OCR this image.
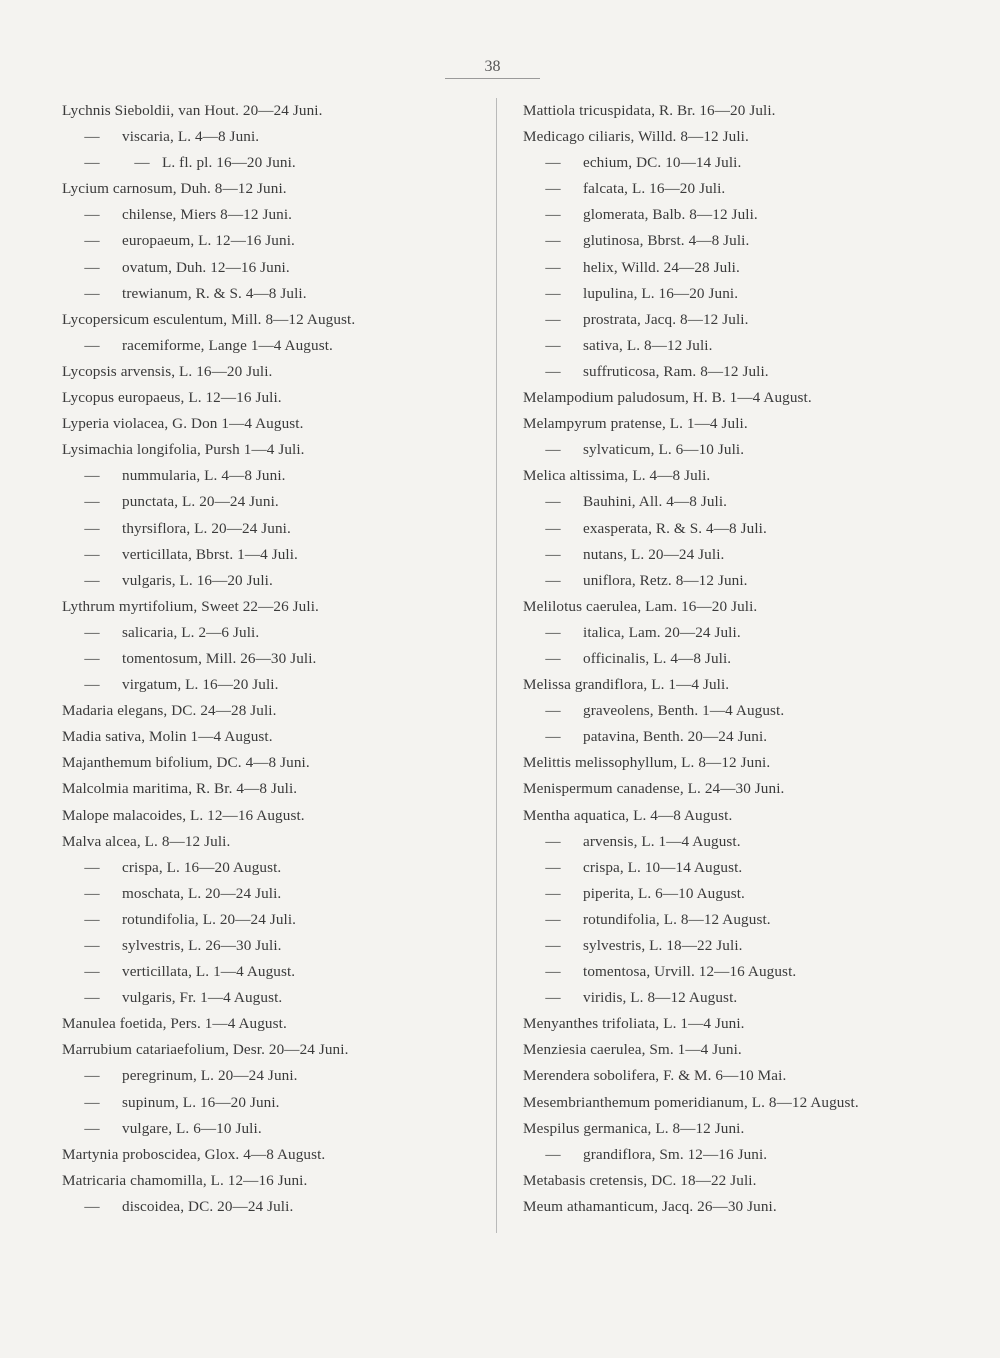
38
Lychnis Sieboldii, van Hout. 20—24 Juni.
— viscaria, L. 4—8 Juni.
— — L. fl. pl. 16—20 Juni.
Lycium carnosum, Duh. 8—12 Juni.
— chilense, Miers 8—12 Juni.
— europaeum, L. 12—16 Juni.
— ovatum, Duh. 12—16 Juni.
— trewianum, R. & S. 4—8 Juli.
Lycopersicum esculentum, Mill. 8—12 August.
— racemiforme, Lange 1—4 August.
Lycopsis arvensis, L. 16—20 Juli.
Lycopus europaeus, L. 12—16 Juli.
Lyperia violacea, G. Don 1—4 August.
Lysimachia longifolia, Pursh 1—4 Juli.
— nummularia, L. 4—8 Juni.
— punctata, L. 20—24 Juni.
— thyrsiflora, L. 20—24 Juni.
— verticillata, Bbrst. 1—4 Juli.
— vulgaris, L. 16—20 Juli.
Lythrum myrtifolium, Sweet 22—26 Juli.
— salicaria, L. 2—6 Juli.
— tomentosum, Mill. 26—30 Juli.
— virgatum, L. 16—20 Juli.
Madaria elegans, DC. 24—28 Juli.
Madia sativa, Molin 1—4 August.
Majanthemum bifolium, DC. 4—8 Juni.
Malcolmia maritima, R. Br. 4—8 Juli.
Malope malacoides, L. 12—16 August.
Malva alcea, L. 8—12 Juli.
— crispa, L. 16—20 August.
— moschata, L. 20—24 Juli.
— rotundifolia, L. 20—24 Juli.
— sylvestris, L. 26—30 Juli.
— verticillata, L. 1—4 August.
— vulgaris, Fr. 1—4 August.
Manulea foetida, Pers. 1—4 August.
Marrubium catariaefolium, Desr. 20—24 Juni.
— peregrinum, L. 20—24 Juni.
— supinum, L. 16—20 Juni.
— vulgare, L. 6—10 Juli.
Martynia proboscidea, Glox. 4—8 August.
Matricaria chamomilla, L. 12—16 Juni.
— discoidea, DC. 20—24 Juli.
Mattiola tricuspidata, R. Br. 16—20 Juli.
Medicago ciliaris, Willd. 8—12 Juli.
— echium, DC. 10—14 Juli.
— falcata, L. 16—20 Juli.
— glomerata, Balb. 8—12 Juli.
— glutinosa, Bbrst. 4—8 Juli.
— helix, Willd. 24—28 Juli.
— lupulina, L. 16—20 Juni.
— prostrata, Jacq. 8—12 Juli.
— sativa, L. 8—12 Juli.
— suffruticosa, Ram. 8—12 Juli.
Melampodium paludosum, H. B. 1—4 August.
Melampyrum pratense, L. 1—4 Juli.
— sylvaticum, L. 6—10 Juli.
Melica altissima, L. 4—8 Juli.
— Bauhini, All. 4—8 Juli.
— exasperata, R. & S. 4—8 Juli.
— nutans, L. 20—24 Juli.
— uniflora, Retz. 8—12 Juni.
Melilotus caerulea, Lam. 16—20 Juli.
— italica, Lam. 20—24 Juli.
— officinalis, L. 4—8 Juli.
Melissa grandiflora, L. 1—4 Juli.
— graveolens, Benth. 1—4 August.
— patavina, Benth. 20—24 Juni.
Melittis melissophyllum, L. 8—12 Juni.
Menispermum canadense, L. 24—30 Juni.
Mentha aquatica, L. 4—8 August.
— arvensis, L. 1—4 August.
— crispa, L. 10—14 August.
— piperita, L. 6—10 August.
— rotundifolia, L. 8—12 August.
— sylvestris, L. 18—22 Juli.
— tomentosa, Urvill. 12—16 August.
— viridis, L. 8—12 August.
Menyanthes trifoliata, L. 1—4 Juni.
Menziesia caerulea, Sm. 1—4 Juni.
Merendera sobolifera, F. & M. 6—10 Mai.
Mesembrianthemum pomeridianum, L. 8—12 August.
Mespilus germanica, L. 8—12 Juni.
— grandiflora, Sm. 12—16 Juni.
Metabasis cretensis, DC. 18—22 Juli.
Meum athamanticum, Jacq. 26—30 Juni.
